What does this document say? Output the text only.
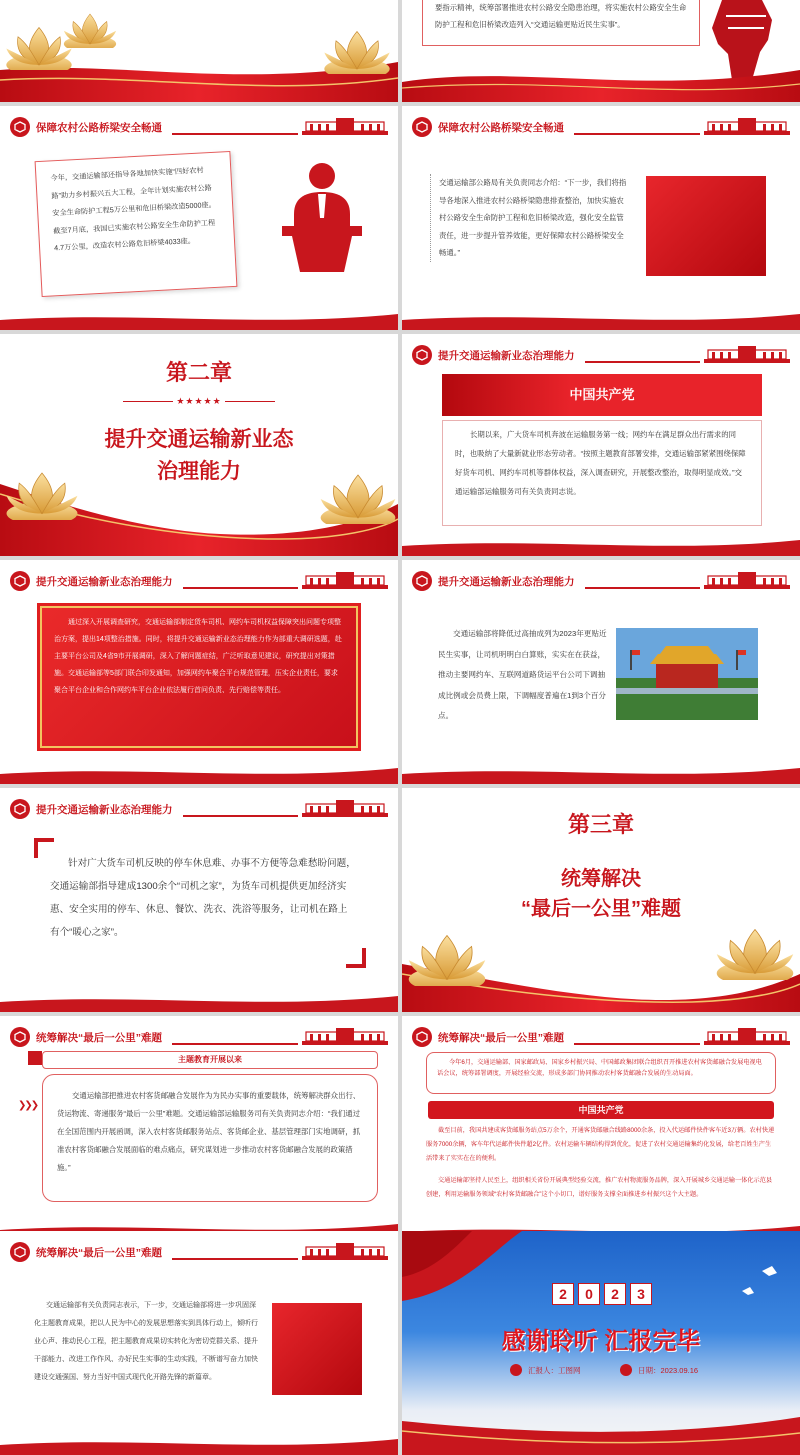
要指示精神，统筹部署推进农村公路安全隐患治理，将实施农村公路安全生命防护工程和危旧桥梁改造列入“交通运输更贴近民生实事”。
保障农村公路桥梁安全畅通
今年，交通运输部还指导各地加快实施“四好农村路”助力乡村振兴五大工程，全年计划实施农村公路安全生命防护工程5万公里和危旧桥梁改造5000座。截至7月底，我国已实施农村公路安全生命防护工程4.7万公里，改造农村公路危旧桥梁4033座。
保障农村公路桥梁安全畅通
交通运输部公路局有关负责同志介绍：“下一步，我们将指导各地深入推进农村公路桥梁隐患排查整治，加快实施农村公路安全生命防护工程和危旧桥梁改造，强化安全监管责任，进一步提升管养效能，更好保障农村公路桥梁安全畅通。”
第二章
★★★★★
提升交通运输新业态
治理能力
提升交通运输新业态治理能力
中国共产党
长期以来，广大货车司机奔波在运输服务第一线；网约车在满足群众出行需求的同时，也吸纳了大量新就业形态劳动者。“按照主题教育部署安排，交通运输部紧紧围绕保障好货车司机、网约车司机等群体权益，深入调查研究，开展整改整治，取得明显成效。”交通运输部运输服务司有关负责同志说。
提升交通运输新业态治理能力
通过深入开展调查研究，交通运输部制定货车司机、网约车司机权益保障突出问题专项整治方案，提出14项整治措施。同时，将提升交通运输新业态治理能力作为部重大调研选题，赴主要平台公司及4省9市开展调研，深入了解问题症结，广泛听取意见建议，研究提出对策措施。交通运输部等5部门联合印发通知，加强网约车聚合平台规范管理，压实企业责任，要求聚合平台企业和合作网约车平台企业依法履行首问负责、先行赔偿等责任。
提升交通运输新业态治理能力
交通运输部将降低过高抽成列为2023年更贴近民生实事，让司机明明白白算账，实实在在获益，推动主要网约车、互联网道路货运平台公司下调抽成比例或会员费上限，下调幅度普遍在1到3个百分点。
提升交通运输新业态治理能力
针对广大货车司机反映的停车休息难、办事不方便等急难愁盼问题，交通运输部指导建成1300余个“司机之家”，为货车司机提供更加经济实惠、安全实用的停车、休息、餐饮、洗衣、洗浴等服务，让司机在路上有个“暖心之家”。
第三章
统筹解决
“最后一公里”难题
统筹解决“最后一公里”难题
主题教育开展以来
❯❯❯
交通运输部把推进农村客货邮融合发展作为为民办实事的重要载体，统筹解决群众出行、货运物流、寄递服务“最后一公里”难题。交通运输部运输服务司有关负责同志介绍：“我们通过在全国范围内开展函调，深入农村客货邮服务站点、客货邮企业、基层管理部门实地调研，抓准农村客货邮融合发展面临的难点痛点，研究谋划进一步推动农村客货邮融合发展的政策措施。”
统筹解决“最后一公里”难题
今年6月，交通运输部、国家邮政局、国家乡村振兴局、中国邮政集团联合组织召开推进农村客货邮融合发展电视电话会议，统筹部署调度，开展经验交流，形成多部门协同推动农村客货邮融合发展的生动局面。
中国共产党
截至目前，我国共建成客货邮服务站点5万余个，开通客货邮融合线路8000余条，投入代运邮件快件客车近3万辆。农村快递服务7000余辆，客车年代运邮件快件超2亿件。农村运输车辆结构得到优化，促进了农村交通运输集约化发展，给老百姓生产生活带来了实实在在的便利。
交通运输部坚持人民至上，组织相关省份开展典型经验交流，推广农村物流服务品牌，深入开展城乡交通运输一体化示范县创建，利用运输服务领域“农村客货邮融合”这个小切口，谱好服务支撑全面推进乡村振兴这个大主题。
统筹解决“最后一公里”难题
交通运输部有关负责同志表示，下一步，交通运输部将进一步巩固深化主题教育成果，把以人民为中心的发展思想落实到具体行动上，倾听行业心声、推动民心工程，把主题教育成果切实转化为密切党群关系、提升干部能力、改进工作作风、办好民生实事的生动实践，不断谱写奋力加快建设交通强国、努力当好中国式现代化开路先锋的新篇章。
2	0	2	3
感谢聆听 汇报完毕
汇报人：工图网	日期：2023.09.16
